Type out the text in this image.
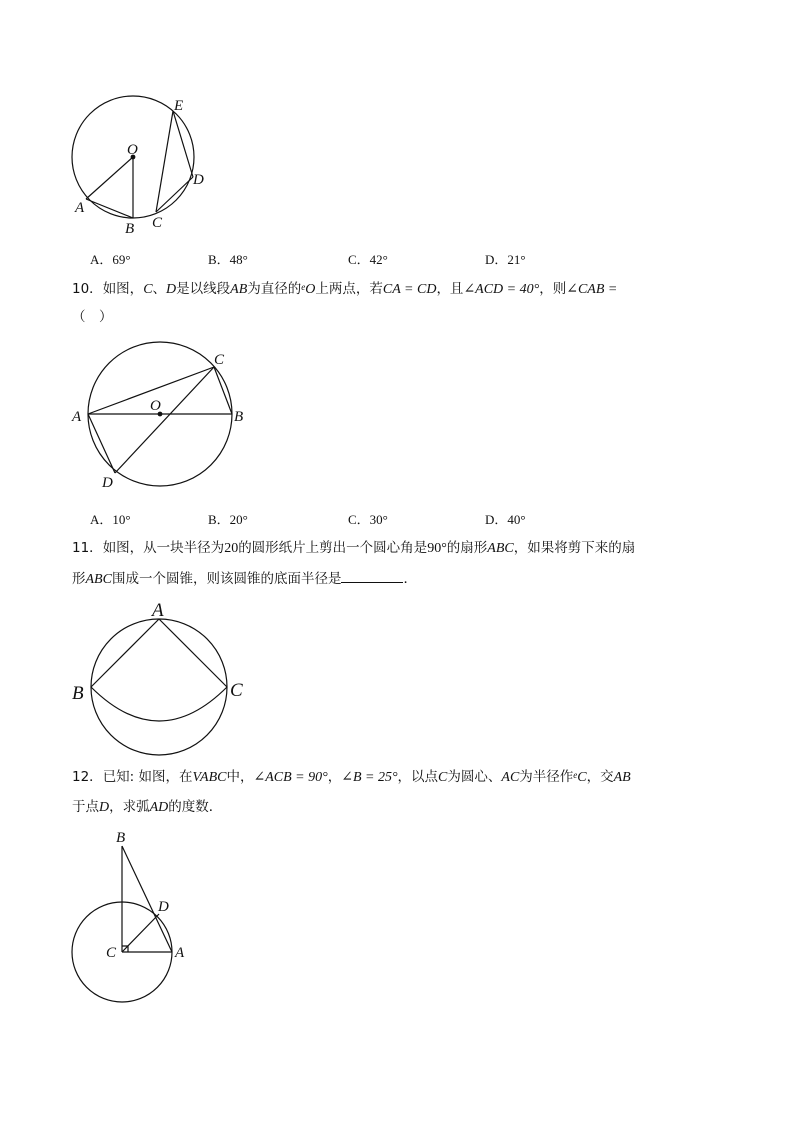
O
A
B C
D
E
A．69°	B．48°	C．42°	D．21°
10．如图，C、D是以线段AB为直径的$^e$O上两点，若CA = CD，且∠ACD = 40°，则∠CAB =
（　）
O
A	B
C
D
A．10°	B．20°	C．30°	D．40°
11．如图，从一块半径为20的圆形纸片上剪出一个圆心角是90°的扇形ABC，如果将剪下来的扇
形ABC围成一个圆锥，则该圆锥的底面半径是	．
A
B	C
12．已知: 如图，在VABC中，∠ACB = 90°，∠B = 25°，以点C为圆心、AC为半径作$^e$C，交AB
于点D，求弧AD的度数．
B
C	A
D
